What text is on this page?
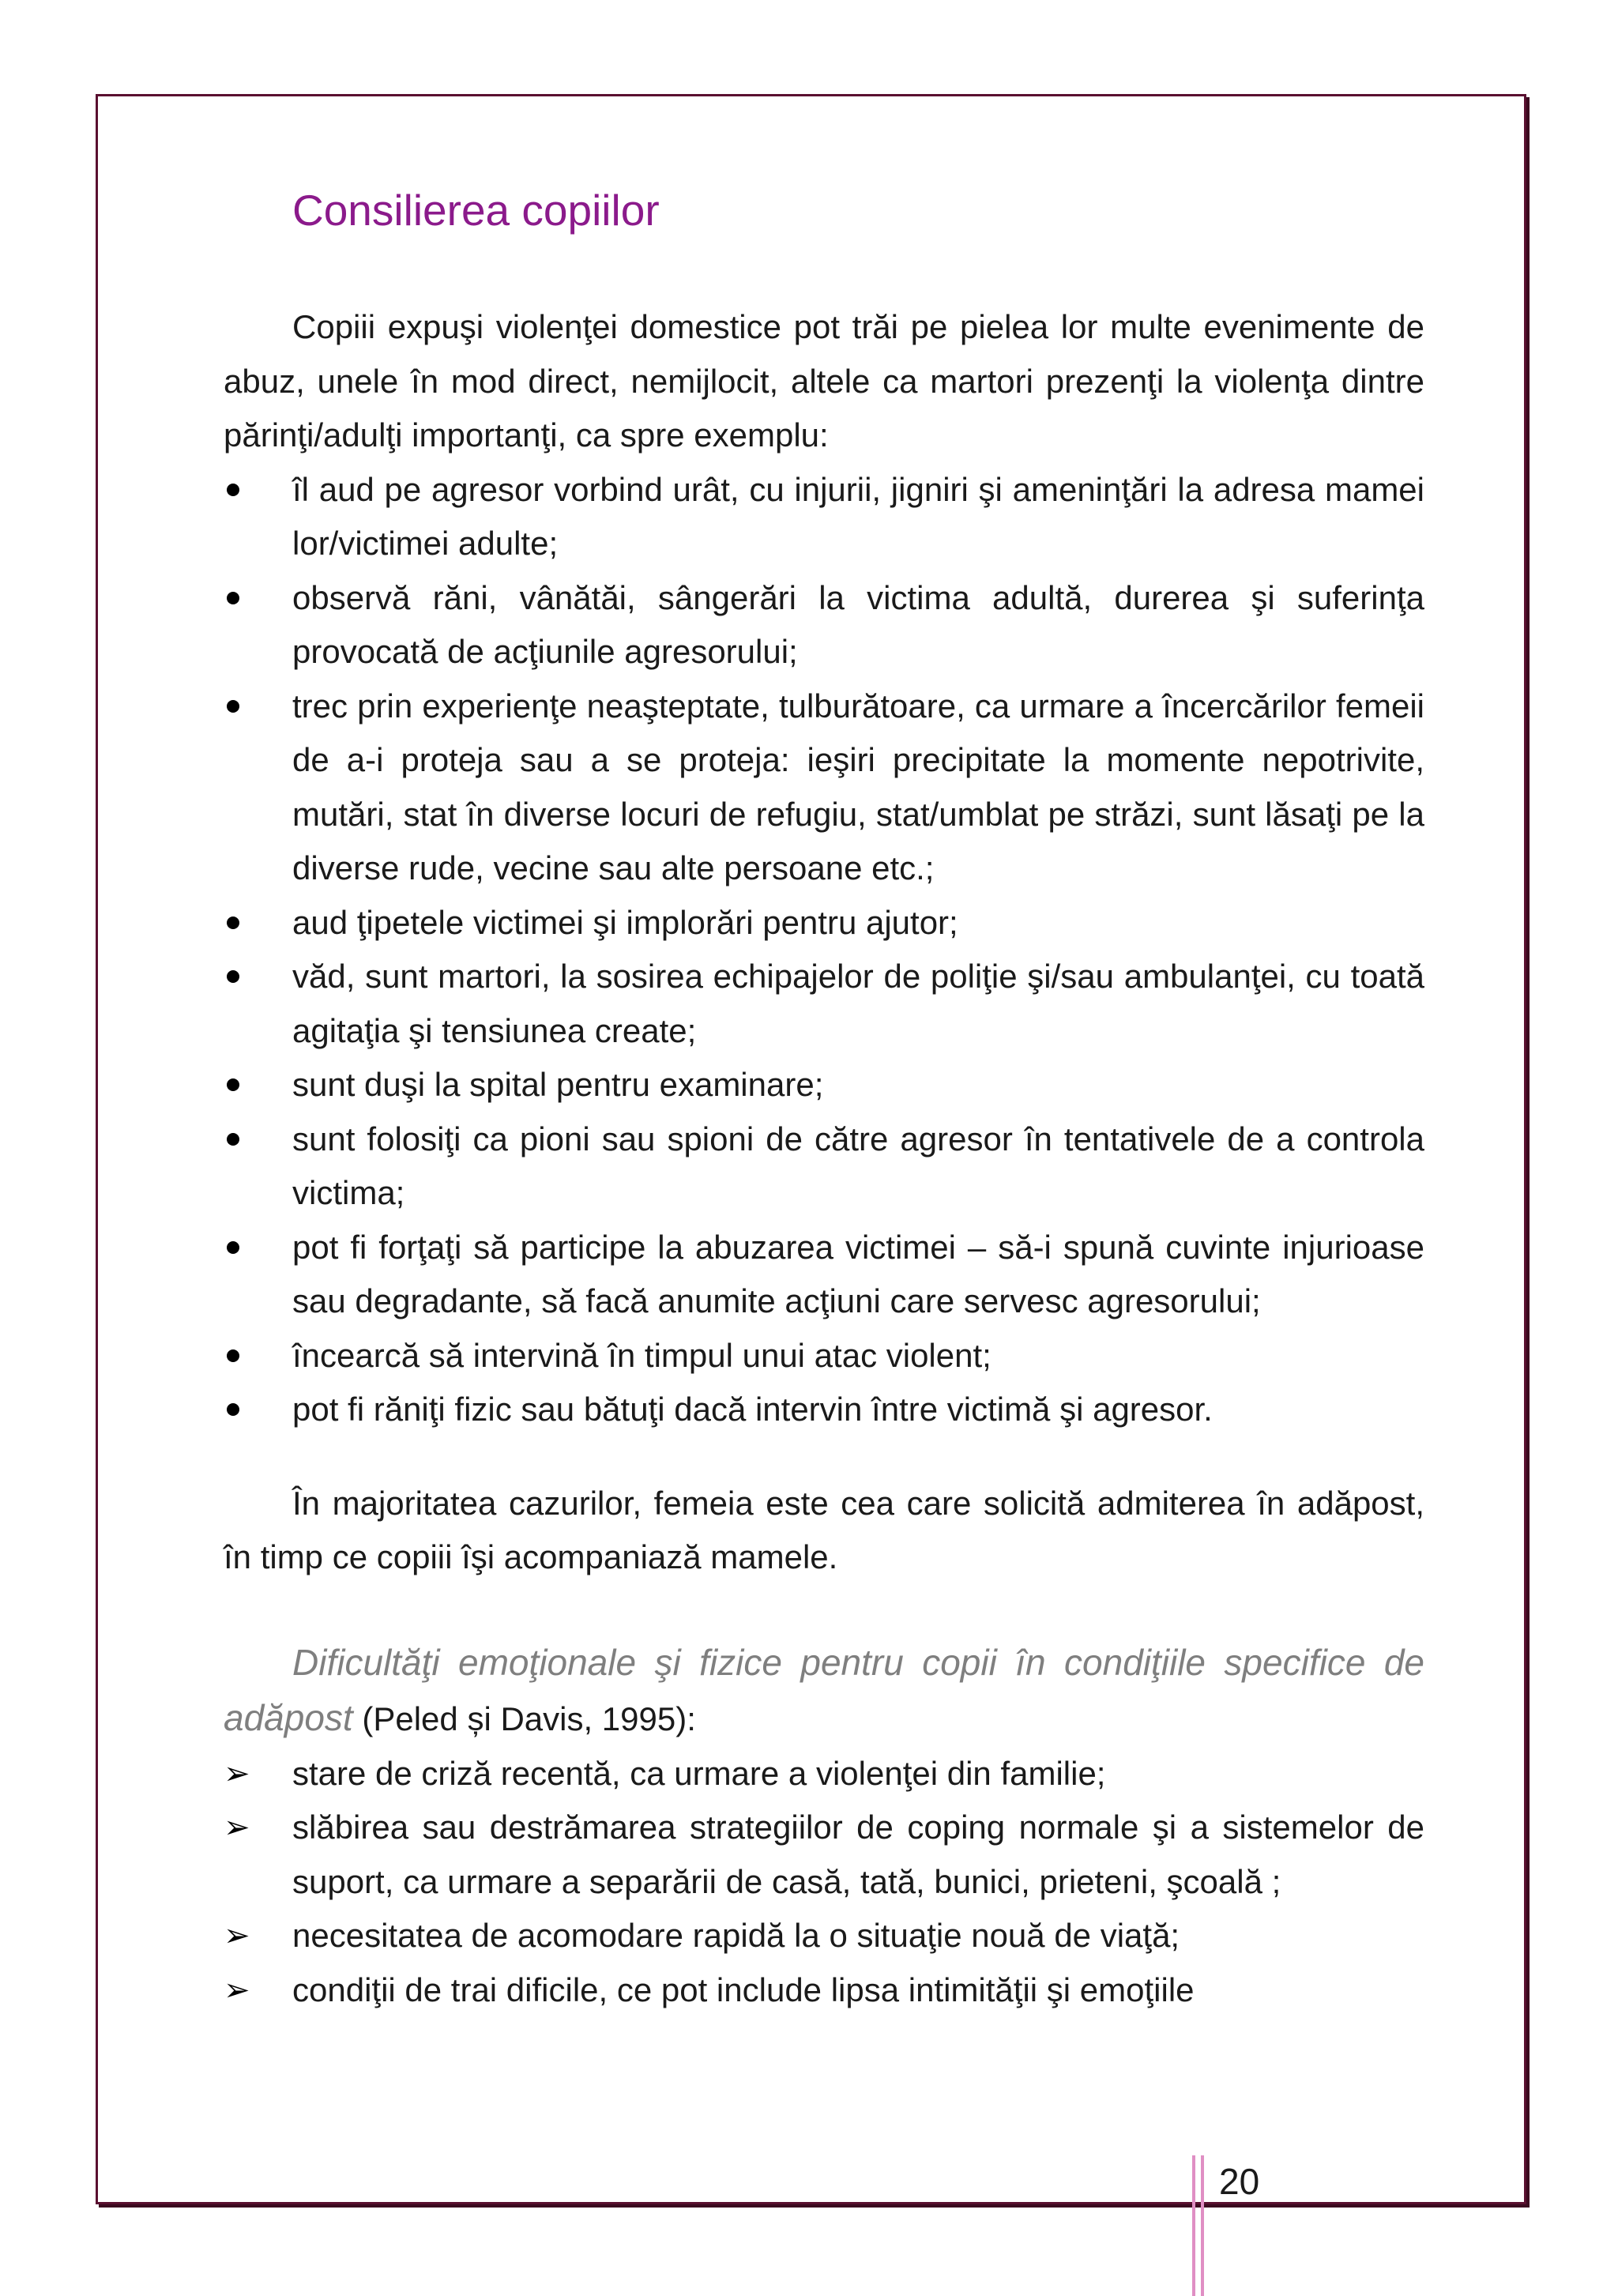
Consilierea copiilor

Copiii expuşi violenţei domestice pot trăi pe pielea lor multe evenimente de abuz, unele în mod direct, nemijlocit, altele ca martori prezenţi la violenţa dintre părinţi/adulţi importanţi, ca spre exemplu:

îl aud pe agresor vorbind urât, cu injurii, jigniri şi ameninţări la adresa mamei lor/victimei adulte;
observă răni, vânătăi, sângerări la victima adultă, durerea şi suferinţa provocată de acţiunile agresorului;
trec prin experienţe neaşteptate, tulburătoare, ca urmare a încercărilor femeii de a-i proteja sau a se proteja: ieşiri precipitate la momente nepotrivite, mutări, stat în diverse locuri de refugiu, stat/umblat pe străzi, sunt lăsaţi pe la diverse rude, vecine sau alte persoane etc.;
aud ţipetele victimei şi implorări pentru ajutor;
văd, sunt martori, la sosirea echipajelor de poliţie şi/sau ambulanţei, cu toată agitaţia şi tensiunea create;
sunt duşi la spital pentru examinare;
sunt folosiţi ca pioni sau spioni de către agresor în tentativele de a controla victima;
pot fi forţaţi să participe la abuzarea victimei – să-i spună cuvinte injurioase sau degradante, să facă anumite acţiuni care servesc agresorului;
încearcă să intervină în timpul unui atac violent;
pot fi răniţi fizic sau bătuţi dacă intervin între victimă şi agresor.

În majoritatea cazurilor, femeia este cea care solicită admiterea în adăpost, în timp ce copiii îşi acompaniază mamele.

Dificultăţi emoţionale şi fizice pentru copii în condiţiile specifice de adăpost (Peled și Davis, 1995):

stare de criză recentă, ca urmare a violenţei din familie;
slăbirea sau destrămarea strategiilor de coping normale şi a sistemelor de suport, ca urmare a separării de casă, tată, bunici, prieteni, şcoală ;
necesitatea de acomodare rapidă la o situaţie nouă de viaţă;
condiţii de trai dificile, ce pot include lipsa intimităţii şi emoţiile
20
